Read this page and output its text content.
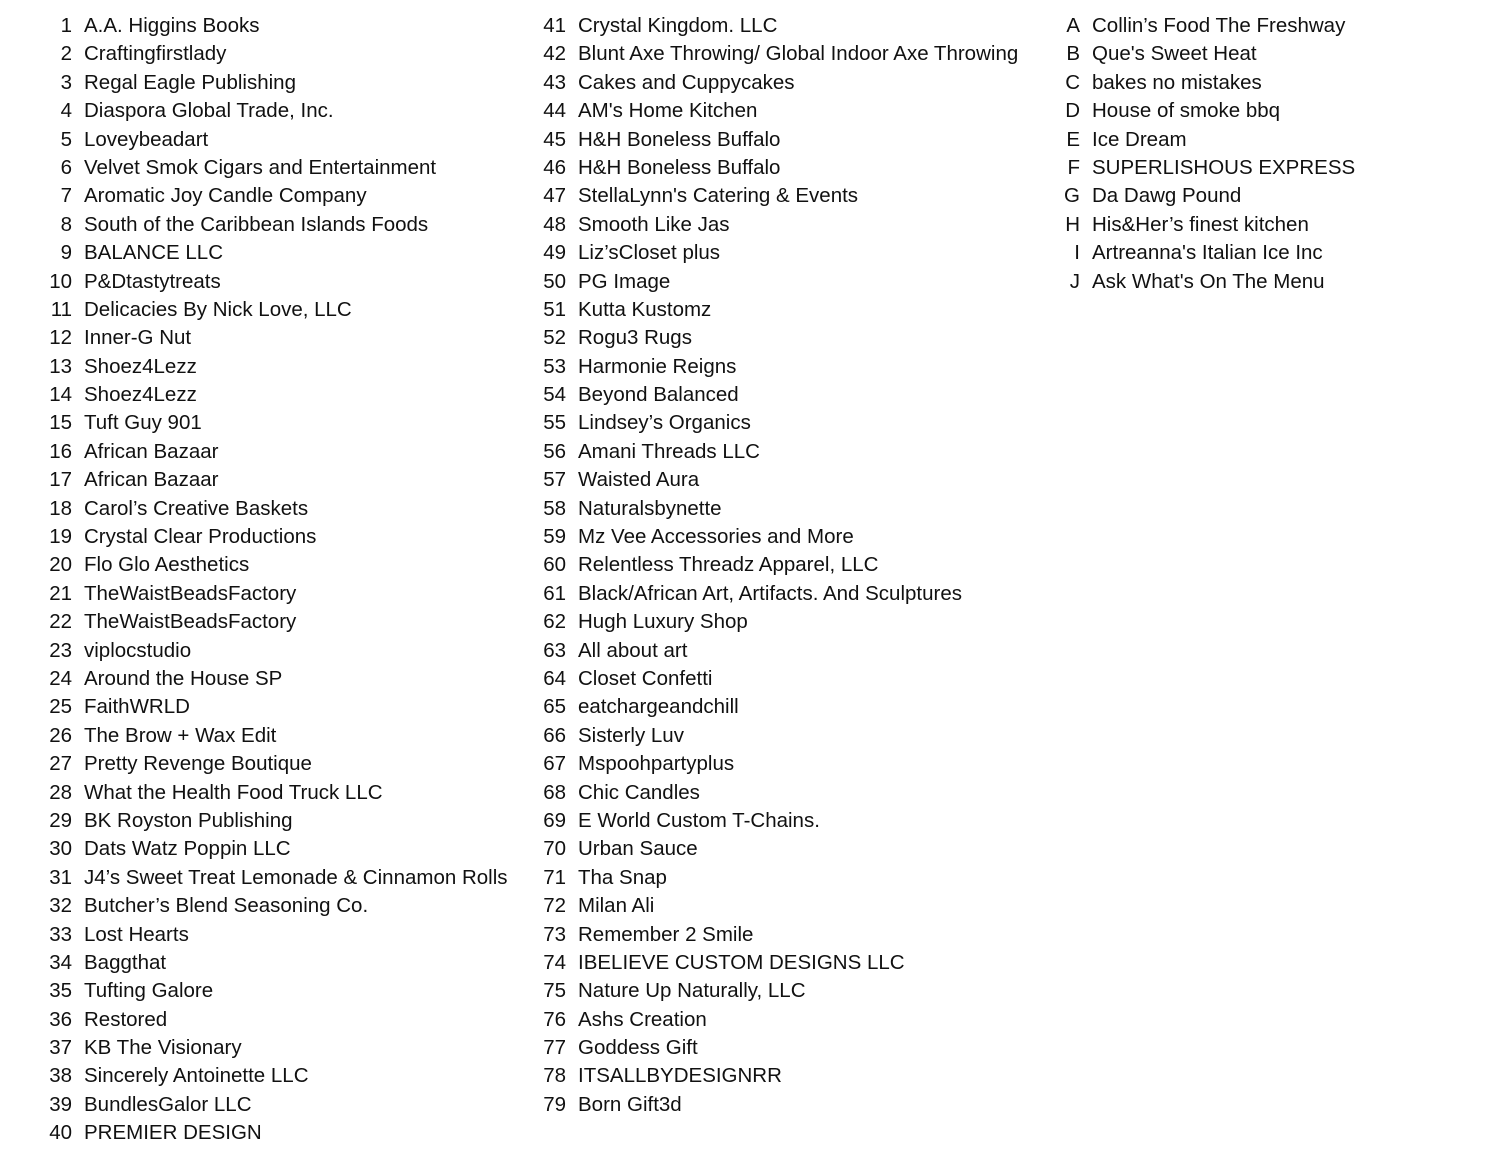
1 A.A. Higgins Books
2 Craftingfirstlady
3 Regal Eagle Publishing
4 Diaspora Global Trade, Inc.
5 Loveybeadart
6 Velvet Smok Cigars and Entertainment
7 Aromatic Joy Candle Company
8 South of the Caribbean Islands Foods
9 BALANCE LLC
10 P&Dtastytreats
11 Delicacies By Nick Love, LLC
12 Inner-G Nut
13 Shoez4Lezz
14 Shoez4Lezz
15 Tuft Guy 901
16 African Bazaar
17 African Bazaar
18 Carol’s Creative Baskets
19 Crystal Clear Productions
20 Flo Glo Aesthetics
21 TheWaistBeadsFactory
22 TheWaistBeadsFactory
23 viplocstudio
24 Around the House SP
25 FaithWRLD
26 The Brow + Wax Edit
27 Pretty Revenge Boutique
28 What the Health Food Truck LLC
29 BK Royston Publishing
30 Dats Watz Poppin LLC
31 J4’s Sweet Treat Lemonade & Cinnamon Rolls
32 Butcher’s Blend Seasoning Co.
33 Lost Hearts
34 Baggthat
35 Tufting Galore
36 Restored
37 KB The Visionary
38 Sincerely Antoinette LLC
39 BundlesGalor LLC
40 PREMIER DESIGN
41 Crystal Kingdom. LLC
42 Blunt Axe Throwing/ Global Indoor Axe Throwing
43 Cakes and Cuppycakes
44 AM's Home Kitchen
45 H&H Boneless Buffalo
46 H&H Boneless Buffalo
47 StellaLynn's Catering & Events
48 Smooth Like Jas
49 Liz’sCloset plus
50 PG Image
51 Kutta Kustomz
52 Rogu3 Rugs
53 Harmonie Reigns
54 Beyond Balanced
55 Lindsey’s Organics
56 Amani Threads LLC
57 Waisted Aura
58 Naturalsbynette
59 Mz Vee Accessories and More
60 Relentless Threadz Apparel, LLC
61 Black/African Art, Artifacts. And Sculptures
62 Hugh Luxury Shop
63 All about art
64 Closet Confetti
65 eatchargeandchill
66 Sisterly Luv
67 Mspoohpartyplus
68 Chic Candles
69 E World Custom T-Chains.
70 Urban Sauce
71 Tha Snap
72 Milan Ali
73 Remember 2 Smile
74 IBELIEVE CUSTOM DESIGNS LLC
75 Nature Up Naturally, LLC
76 Ashs Creation
77 Goddess Gift
78 ITSALLBYDESIGNRR
79 Born Gift3d
A Collin’s Food The Freshway
B Que's Sweet Heat
C bakes no mistakes
D House of smoke bbq
E Ice Dream
F SUPERLISHOUS EXPRESS
G Da Dawg Pound
H His&Her’s finest kitchen
I Artreanna's Italian Ice Inc
J Ask What's On The Menu
